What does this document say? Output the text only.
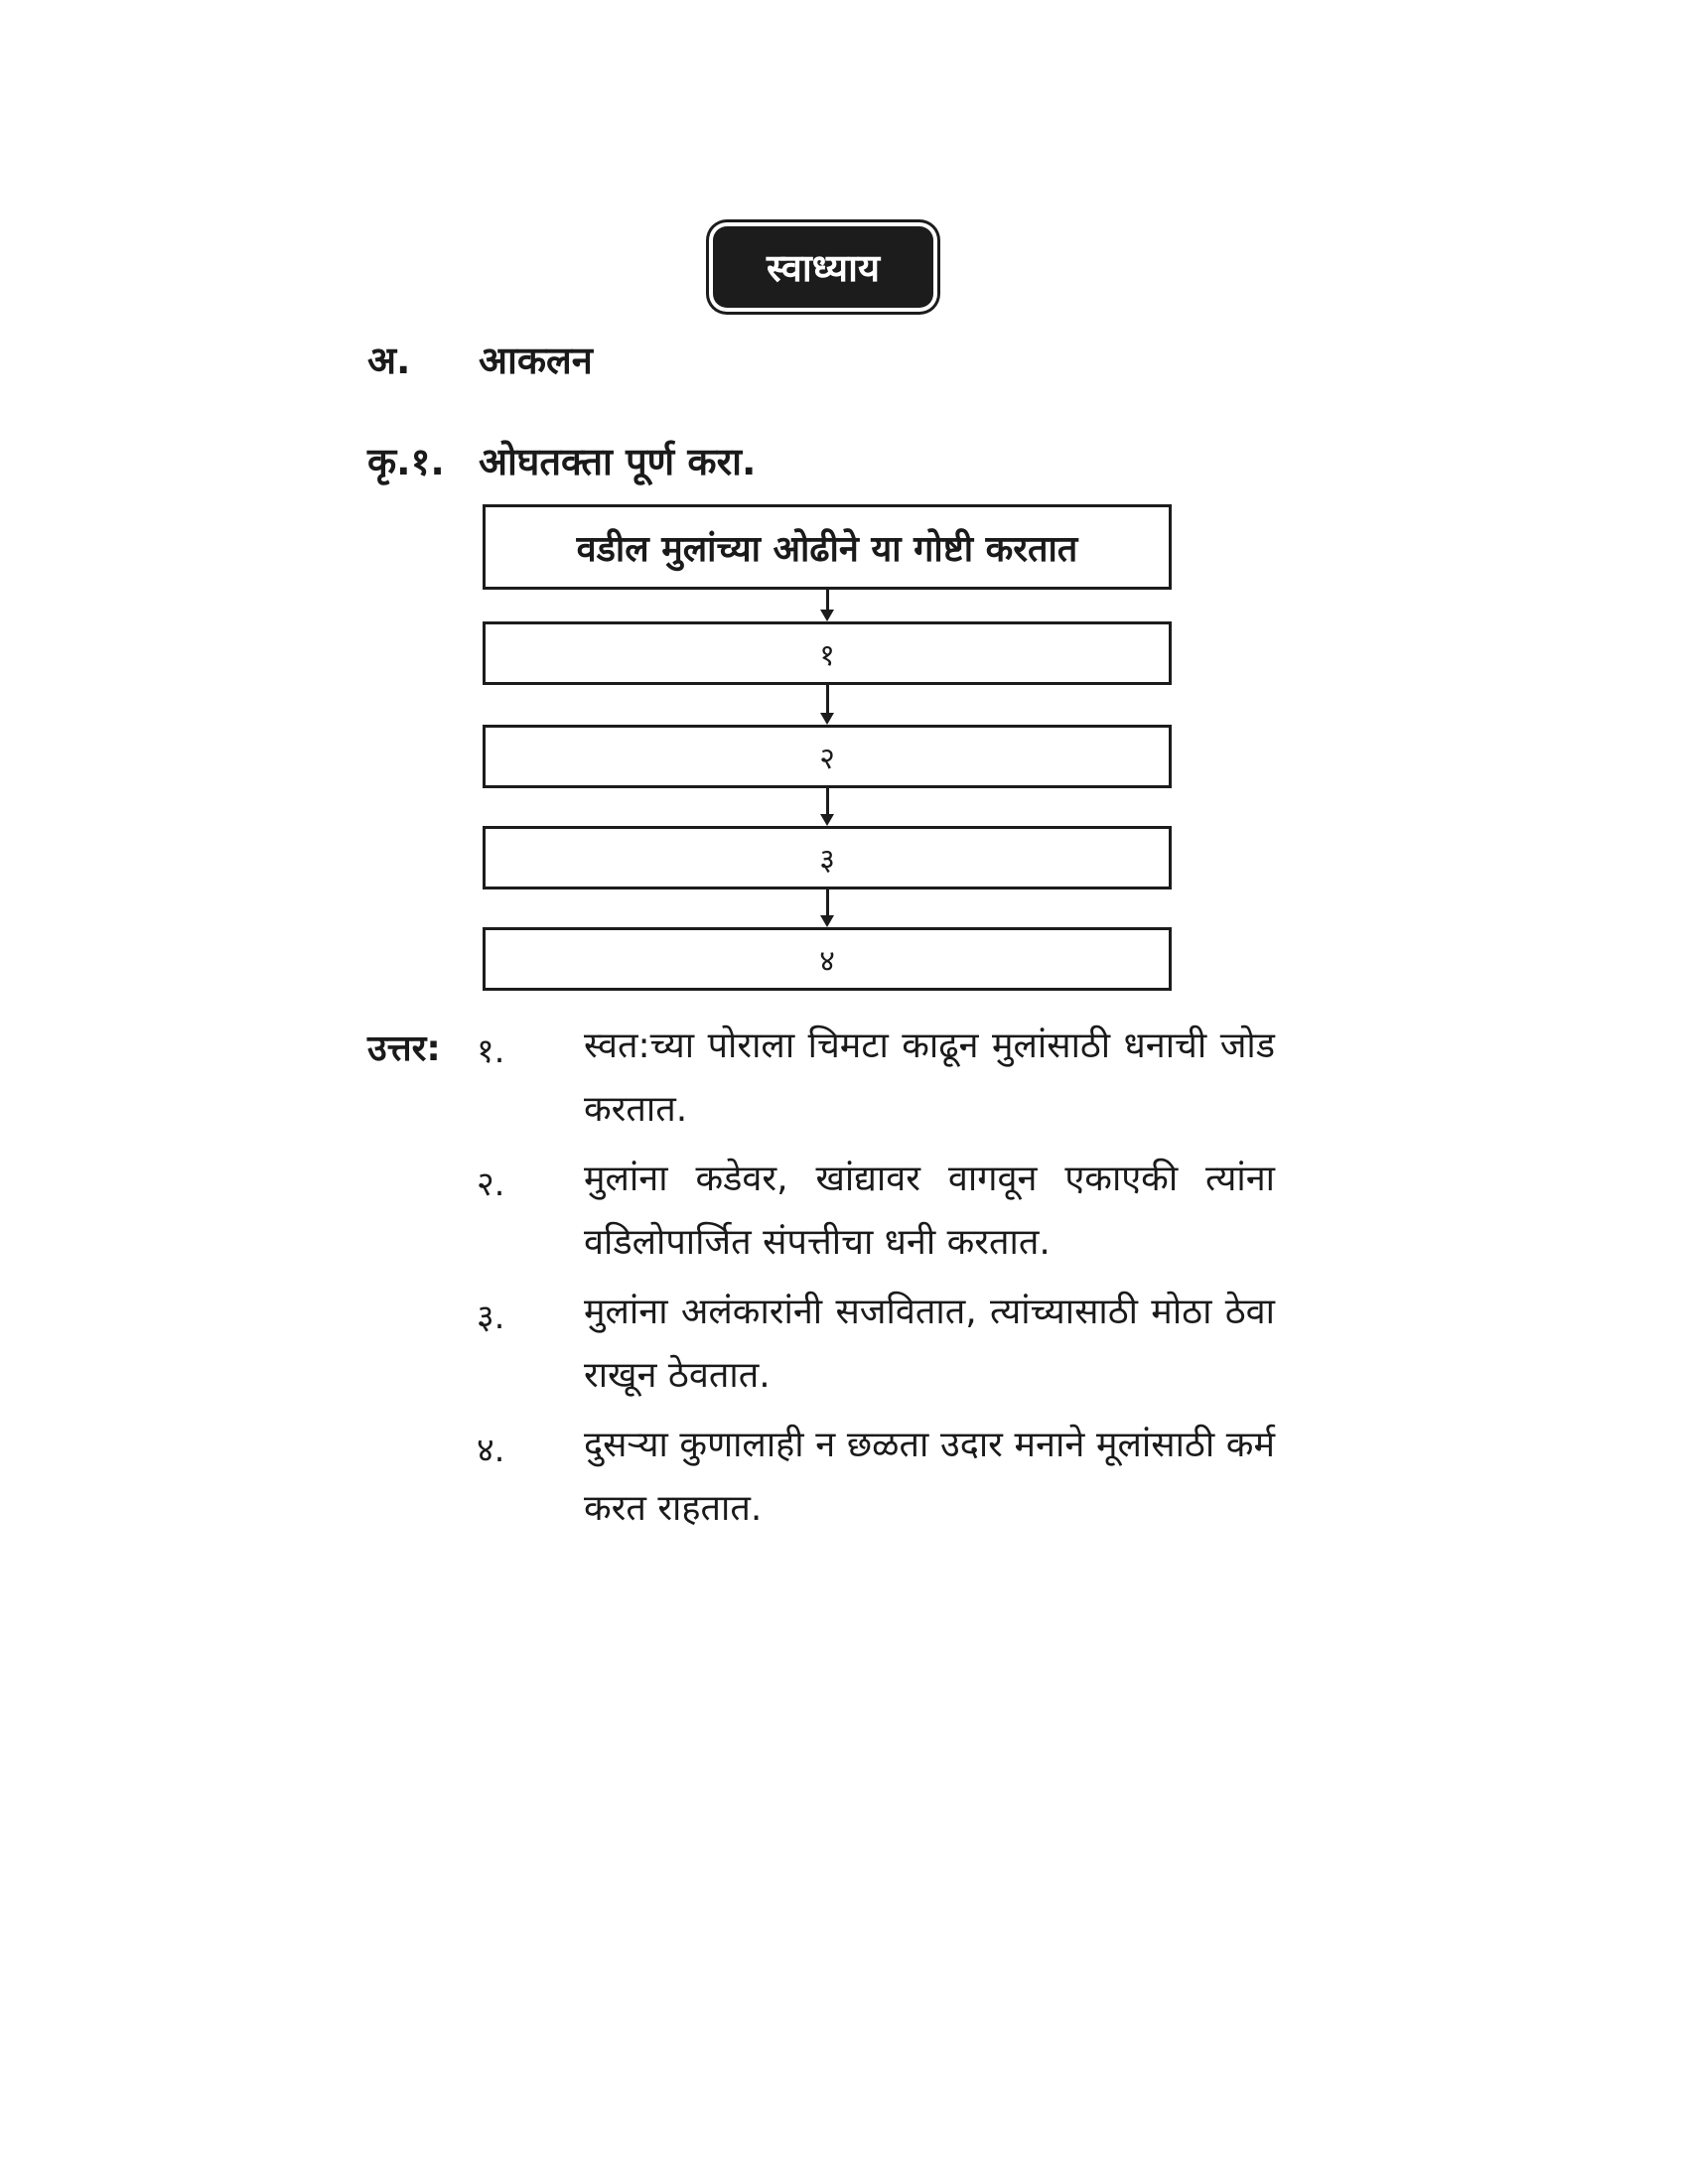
स्वाध्याय
अ. आकलन
कृ.१. ओघतक्ता पूर्ण करा.
वडील मुलांच्या ओढीने या गोष्टी करतात
१
२
३
४
उत्तर: १. स्वत:च्या पोराला चिमटा काढून मुलांसाठी धनाची जोड करतात.
२. मुलांना कडेवर, खांद्यावर वागवून एकाएकी त्यांना वडिलोपार्जित संपत्तीचा धनी करतात.
३. मुलांना अलंकारांनी सजवितात, त्यांच्यासाठी मोठा ठेवा राखून ठेवतात.
४. दुसऱ्या कुणालाही न छळता उदार मनाने मूलांसाठी कर्म करत राहतात.
